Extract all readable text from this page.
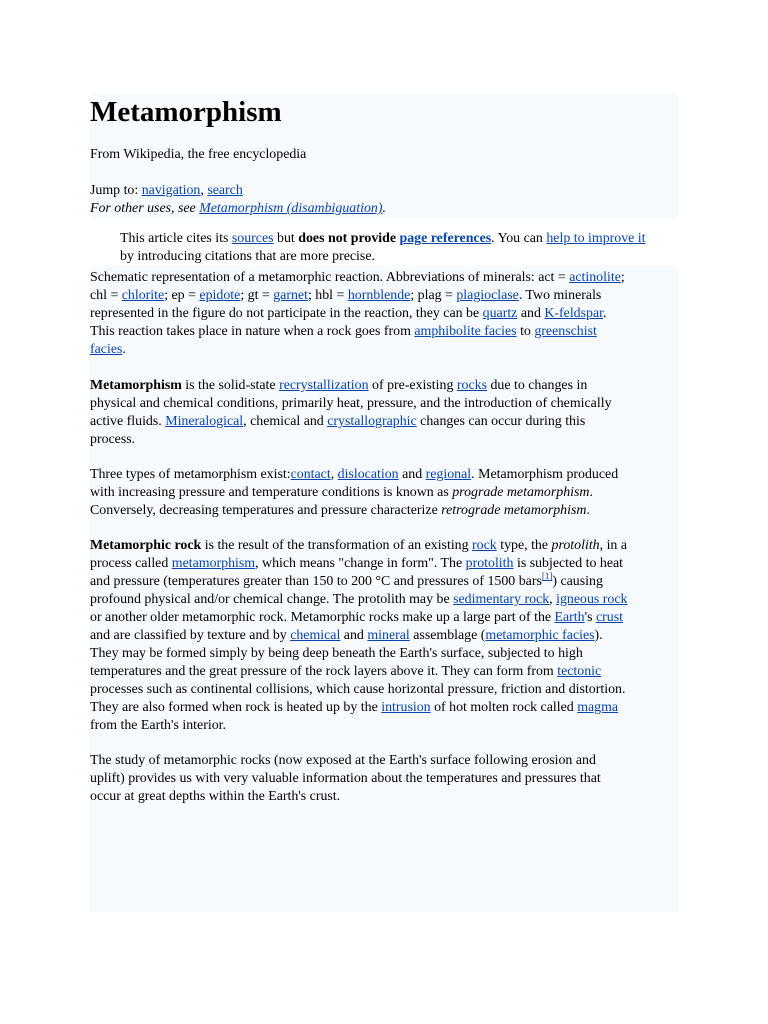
Metamorphism
From Wikipedia, the free encyclopedia
Jump to: navigation, search
For other uses, see Metamorphism (disambiguation).
This article cites its sources but does not provide page references. You can help to improve it
by introducing citations that are more precise.
Schematic representation of a metamorphic reaction. Abbreviations of minerals: act = actinolite;
chl = chlorite; ep = epidote; gt = garnet; hbl = hornblende; plag = plagioclase. Two minerals
represented in the figure do not participate in the reaction, they can be quartz and K-feldspar.
This reaction takes place in nature when a rock goes from amphibolite facies to greenschist
facies.
Metamorphism is the solid-state recrystallization of pre-existing rocks due to changes in
physical and chemical conditions, primarily heat, pressure, and the introduction of chemically
active fluids. Mineralogical, chemical and crystallographic changes can occur during this
process.
Three types of metamorphism exist:contact, dislocation and regional. Metamorphism produced
with increasing pressure and temperature conditions is known as prograde metamorphism.
Conversely, decreasing temperatures and pressure characterize retrograde metamorphism.
Metamorphic rock is the result of the transformation of an existing rock type, the protolith, in a
process called metamorphism, which means "change in form". The protolith is subjected to heat
and pressure (temperatures greater than 150 to 200 °C and pressures of 1500 bars[1]) causing
profound physical and/or chemical change. The protolith may be sedimentary rock, igneous rock
or another older metamorphic rock. Metamorphic rocks make up a large part of the Earth's crust
and are classified by texture and by chemical and mineral assemblage (metamorphic facies).
They may be formed simply by being deep beneath the Earth's surface, subjected to high
temperatures and the great pressure of the rock layers above it. They can form from tectonic
processes such as continental collisions, which cause horizontal pressure, friction and distortion.
They are also formed when rock is heated up by the intrusion of hot molten rock called magma
from the Earth's interior.
The study of metamorphic rocks (now exposed at the Earth's surface following erosion and
uplift) provides us with very valuable information about the temperatures and pressures that
occur at great depths within the Earth's crust.
